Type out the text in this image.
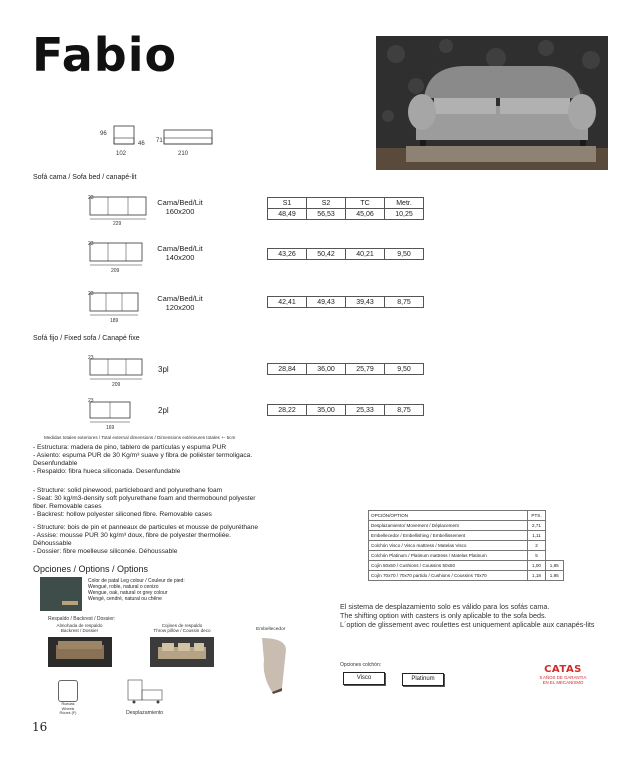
Fabio
96
102
46 71
210
Sofá cama / Sofa bed / canapé-lit
23
229
Cama/Bed/Lit
160x200
S1	S2	TC	Metr.
48,49	56,53	45,06	10,25
23
209
Cama/Bed/Lit
140x200	43,26	50,42	40,21	9,50
23
189
Cama/Bed/Lit
120x200
42,41	49,43	39,43	8,75
Sofá fijo / Fixed sofa / Canapé fixe
23
209
3pl	28,84	36,00	25,79	9,50
23
169
2pl	28,22	35,00	25,33	8,75
Medidas totales exteriores / Total external dimensions / Dimensions extérieures totales +- 5cm
- Estructura: madera de pino, tablero de partículas y espuma PUR
- Asiento: espuma PUR de 30 Kg/m³ suave y fibra de poliéster termoligaca.
Desenfundable
- Respaldo: fibra hueca siliconada. Desenfundable
- Structure: solid pinewood, particleboard and polyurethane foam
- Seat: 30 kg/m3-density soft polyurethane foam and thermobound polyester
fiber. Removable cases
- Backrest: hollow polyester siliconed fibre. Removable cases
- Structure: bois de pin et panneaux de particules et mousse de polyuréthane
- Assise: mousse PUR 30 kg/m³ doux, fibre de polyester thermoliée.
Déhoussable
- Dossier: fibre moelleuse siliconée. Déhoussable
Opciones / Options / Options
Color de patal Leg colour / Couleur de pied:
Wengué, roble, natural o cenizo
Wengue, oak, natural or grey colour
Wengé, cendré, natural ou chêne
Respaldo / Backrest / Dossier:
Almohada de respaldo
Backrest / Dossier
Cojines de respaldo
Throw pillow / Coussin deco	Embellecedor
Ruedas
Wheels
Roues (F)	Desplazamiento
OPCIÓN/OPTION	PTS.	
Desplazamiento/ Movement / Déplacement	2,71	
Embellecedor / Embellishing / Embellissement	1,11	
Colchón Visco / Visco mattress / Matelas Visco	2	
Colchón Platinum / Platinum mattress / Matelas Platinum	5	
Cojín 50x50 / Cushions / Coussins 50x50	1,00	1,85
Cojín 70x70 / 70x70 partido / Cushions / Coussins 70x70	1,18	1,95
El sistema de desplazamiento solo es válido para los sofás cama.
The shifting option with casters is only aplicable to the sofa beds.
L´option de glissement avec roulettes est uniquement aplicable aux canapés-lits
Opciones colchón:
Visco	Platinum
CATAS
5 AÑOS DE GARANTIA
EN EL MECANISMO
16
